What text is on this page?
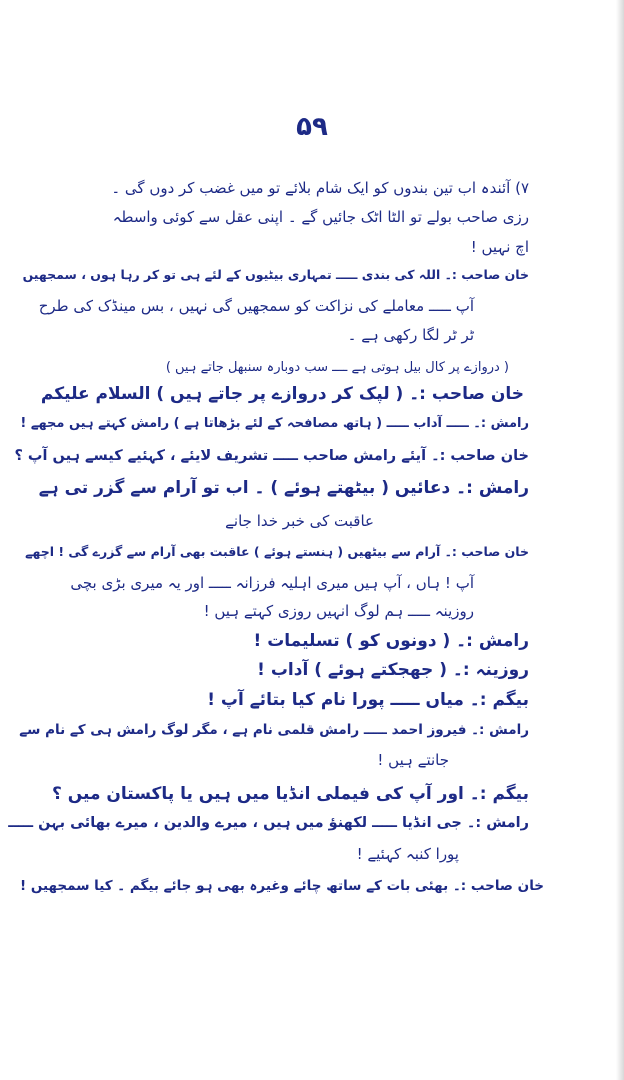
۵۹
۷) آئندہ اب تین بندوں کو ایک شام بلائے تو میں غضب کر دوں گی ۔
رزی صاحب بولے تو الٹا اٹک جائیں گے ۔ اپنی عقل سے کوئی واسطہ
اچ نہیں !
خان صاحب :۔ اللہ کی بندی ـــــ تمہاری بیٹیوں کے لئے ہی تو کر رہا ہوں ، سمجھیں
آپ ـــــ معاملے کی نزاکت کو سمجھیں گی نہیں ، بس مینڈک کی طرح
ٹر ٹر لگا رکھی ہے ۔
( دروازے پر کال بیل ہوتی ہے ــــ سب دوبارہ سنبھل جاتے ہیں )
خان صاحب :۔ ( لپک کر دروازے پر جاتے ہیں ) السلام علیکم
رامش :۔ ـــــ آداب ـــــ ( ہاتھ مصافحہ کے لئے بڑھاتا ہے ) رامش کہتے ہیں مجھے !
خان صاحب :۔ آیئے رامش صاحب ـــــ تشریف لایئے ، کہئیے کیسے ہیں آپ ؟
رامش :۔ دعائیں ( بیٹھتے ہوئے ) ۔ اب تو آرام سے گزر تی ہے
عاقبت کی خبر خدا جانے
خان صاحب :۔ آرام سے بیٹھیں ( ہنستے ہوئے ) عاقبت بھی آرام سے گزرے گی ! اچھے
آپ ! ہاں ، آپ ہیں میری اہلیہ فرزانہ ـــــ اور یہ میری بڑی بچی
روزینہ ـــــ ہم لوگ انہیں روزی کہتے ہیں !
رامش :۔ ( دونوں کو ) تسلیمات !
روزینہ :۔ ( جھجکتے ہوئے ) آداب !
بیگم :۔ میاں ـــــ پورا نام کیا بتائے آپ !
رامش :۔ فیروز احمد ـــــ رامش قلمی نام ہے ، مگر لوگ رامش ہی کے نام سے
جانتے ہیں !
بیگم :۔ اور آپ کی فیملی انڈیا میں ہیں یا پاکستان میں ؟
رامش :۔ جی انڈیا ـــــ لکھنؤ میں ہیں ، میرے والدین ، میرے بھائی بہن ـــــ
پورا کنبہ کہئیے !
خان صاحب :۔ بھئی بات کے ساتھ چائے وغیرہ بھی ہو جائے بیگم ۔ کیا سمجھیں !
